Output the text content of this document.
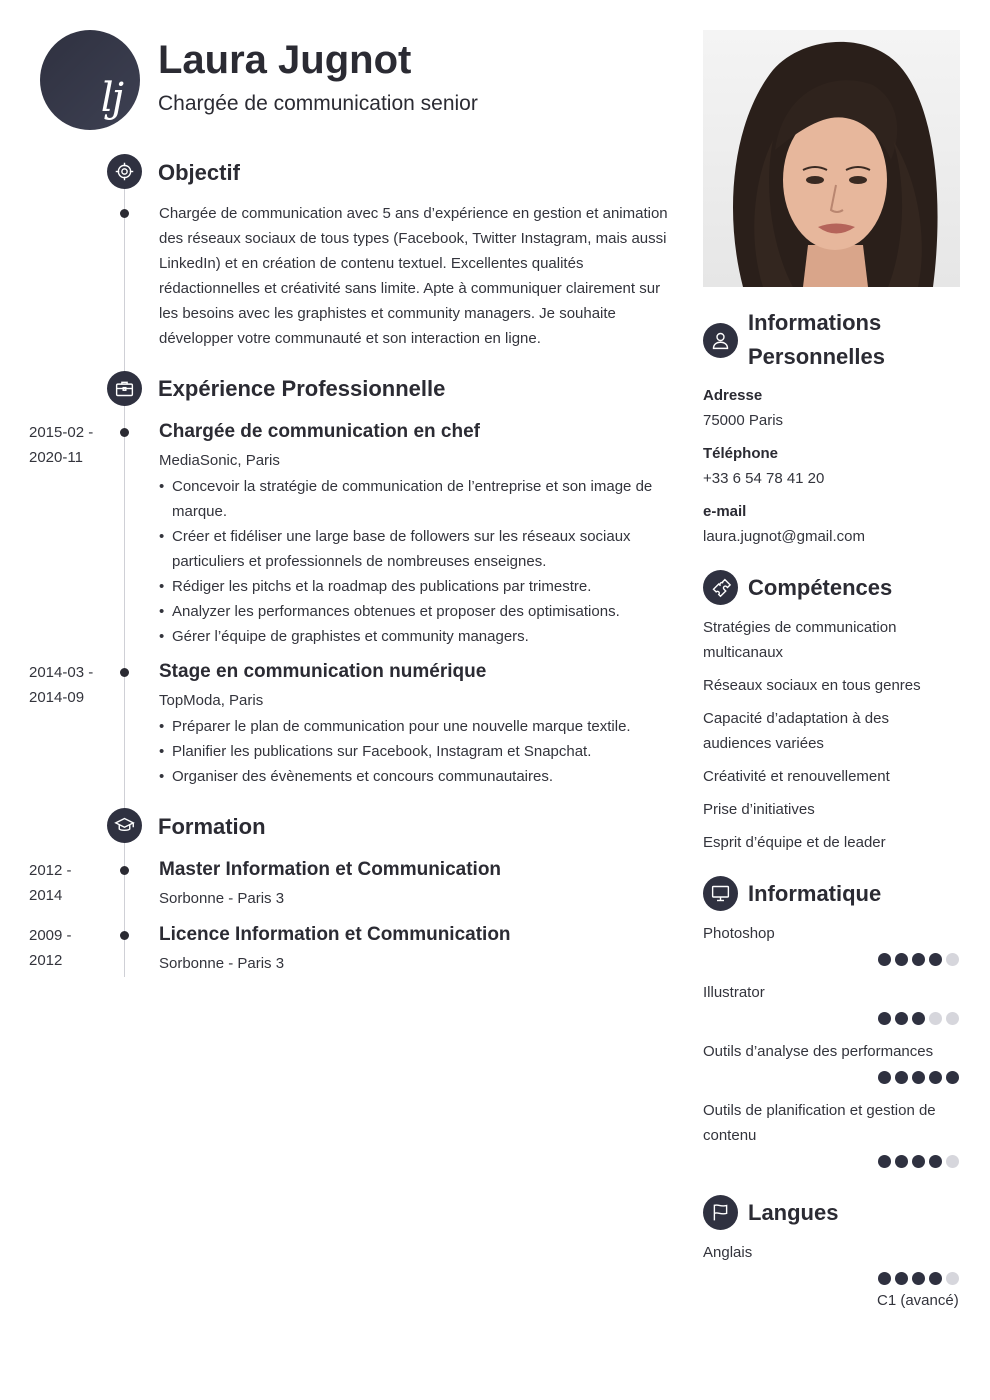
lj
Laura Jugnot
Chargée de communication senior
Objectif
Chargée de communication avec 5 ans d’expérience en gestion et animation des réseaux sociaux de tous types (Facebook, Twitter Instagram, mais aussi LinkedIn) et en création de contenu textuel. Excellentes qualités rédactionnelles et créativité sans limite. Apte à communiquer clairement sur les besoins avec les graphistes et community managers. Je souhaite développer votre communauté et son interaction en ligne.
Expérience Professionnelle
2015-02 -
2020-11
Chargée de communication en chef
MediaSonic, Paris
• Concevoir la stratégie de communication de l’entreprise et son image de marque.
• Créer et fidéliser une large base de followers sur les réseaux sociaux particuliers et professionnels de nombreuses enseignes.
• Rédiger les pitchs et la roadmap des publications par trimestre.
• Analyzer les performances obtenues et proposer des optimisations.
• Gérer l’équipe de graphistes et community managers.
2014-03 -
2014-09
Stage en communication numérique
TopModa, Paris
• Préparer le plan de communication pour une nouvelle marque textile.
• Planifier les publications sur Facebook, Instagram et Snapchat.
• Organiser des évènements et concours communautaires.
Formation
2012 -
2014
Master Information et Communication
Sorbonne - Paris 3
2009 -
2012
Licence Information et Communication
Sorbonne - Paris 3
Informations
Personnelles
Adresse
75000 Paris
Téléphone
+33 6 54 78 41 20
e-mail
laura.jugnot@gmail.com
Compétences
Stratégies de communication multicanaux
Réseaux sociaux en tous genres
Capacité d’adaptation à des audiences variées
Créativité et renouvellement
Prise d’initiatives
Esprit d’équipe et de leader
Informatique
Photoshop
Illustrator
Outils d’analyse des performances
Outils de planification et gestion de contenu
Langues
Anglais
C1 (avancé)
